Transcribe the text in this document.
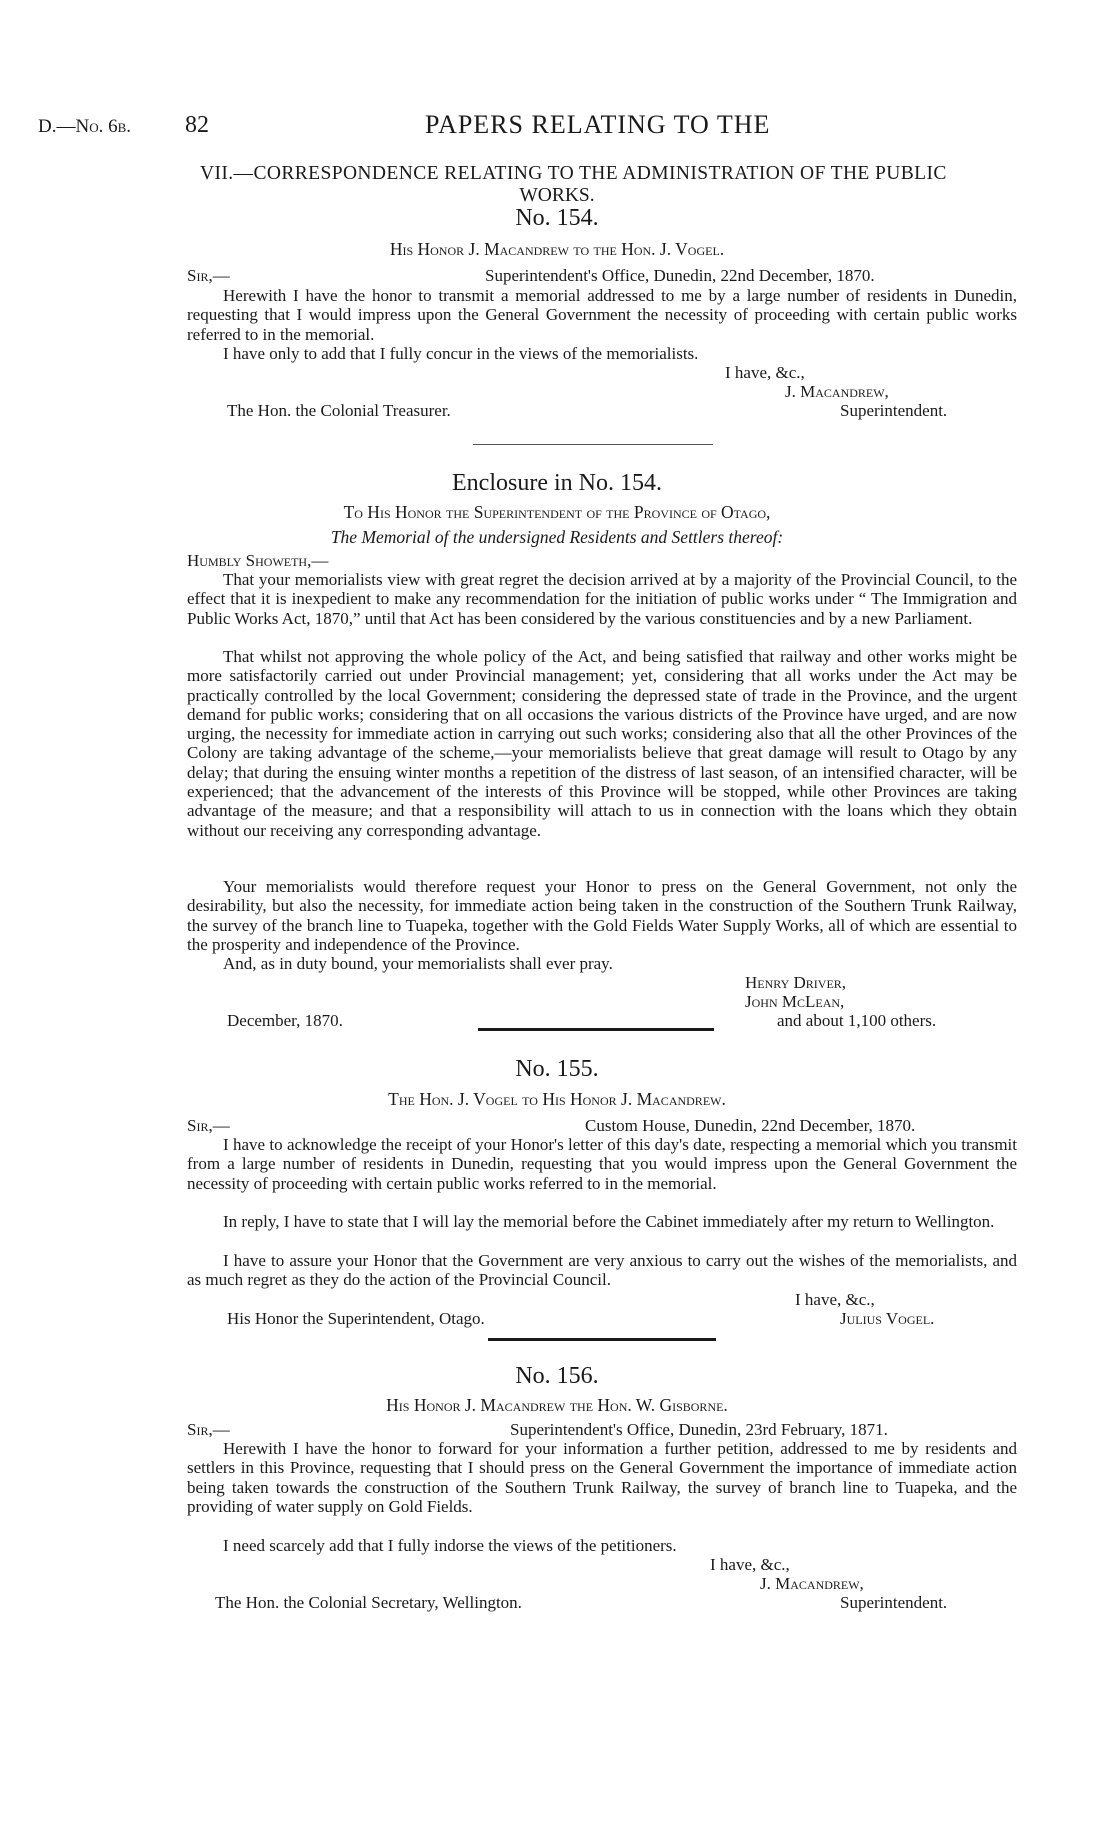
D.—No. 6b. 82	PAPERS RELATING TO THE
VII.—CORRESPONDENCE RELATING TO THE ADMINISTRATION OF THE PUBLIC
WORKS.
No. 154.
His Honor J. Macandrew to the Hon. J. Vogel.
Sir,—	Superintendent's Office, Dunedin, 22nd December, 1870.
Herewith I have the honor to transmit a memorial addressed to me by a large number of residents in Dunedin, requesting that I would impress upon the General Government the necessity of proceeding with certain public works referred to in the memorial.
I have only to add that I fully concur in the views of the memorialists.
I have, &c.,
J. Macandrew,
The Hon. the Colonial Treasurer.	Superintendent.
Enclosure in No. 154.
To His Honor the Superintendent of the Province of Otago,
The Memorial of the undersigned Residents and Settlers thereof:
Humbly Showeth,—
That your memorialists view with great regret the decision arrived at by a majority of the Provincial Council, to the effect that it is inexpedient to make any recommendation for the initiation of public works under “ The Immigration and Public Works Act, 1870,” until that Act has been considered by the various constituencies and by a new Parliament.
That whilst not approving the whole policy of the Act, and being satisfied that railway and other works might be more satisfactorily carried out under Provincial management; yet, considering that all works under the Act may be practically controlled by the local Government; considering the depressed state of trade in the Province, and the urgent demand for public works; considering that on all occasions the various districts of the Province have urged, and are now urging, the necessity for immediate action in carrying out such works; considering also that all the other Provinces of the Colony are taking advantage of the scheme,—your memorialists believe that great damage will result to Otago by any delay; that during the ensuing winter months a repetition of the distress of last season, of an intensified character, will be experienced; that the advancement of the interests of this Province will be stopped, while other Provinces are taking advantage of the measure; and that a responsibility will attach to us in connection with the loans which they obtain without our receiving any corresponding advantage.
Your memorialists would therefore request your Honor to press on the General Government, not only the desirability, but also the necessity, for immediate action being taken in the construction of the Southern Trunk Railway, the survey of the branch line to Tuapeka, together with the Gold Fields Water Supply Works, all of which are essential to the prosperity and independence of the Province.
And, as in duty bound, your memorialists shall ever pray.
Henry Driver,
John McLean,
December, 1870.	and about 1,100 others.
No. 155.
The Hon. J. Vogel to His Honor J. Macandrew.
Sir,—	Custom House, Dunedin, 22nd December, 1870.
I have to acknowledge the receipt of your Honor's letter of this day's date, respecting a memorial which you transmit from a large number of residents in Dunedin, requesting that you would impress upon the General Government the necessity of proceeding with certain public works referred to in the memorial.
In reply, I have to state that I will lay the memorial before the Cabinet immediately after my return to Wellington.
I have to assure your Honor that the Government are very anxious to carry out the wishes of the memorialists, and as much regret as they do the action of the Provincial Council.
I have, &c.,
His Honor the Superintendent, Otago.	Julius Vogel.
No. 156.
His Honor J. Macandrew the Hon. W. Gisborne.
Sir,—	Superintendent's Office, Dunedin, 23rd February, 1871.
Herewith I have the honor to forward for your information a further petition, addressed to me by residents and settlers in this Province, requesting that I should press on the General Government the importance of immediate action being taken towards the construction of the Southern Trunk Railway, the survey of branch line to Tuapeka, and the providing of water supply on Gold Fields.
I need scarcely add that I fully indorse the views of the petitioners.
I have, &c.,
J. Macandrew,
The Hon. the Colonial Secretary, Wellington.	Superintendent.
